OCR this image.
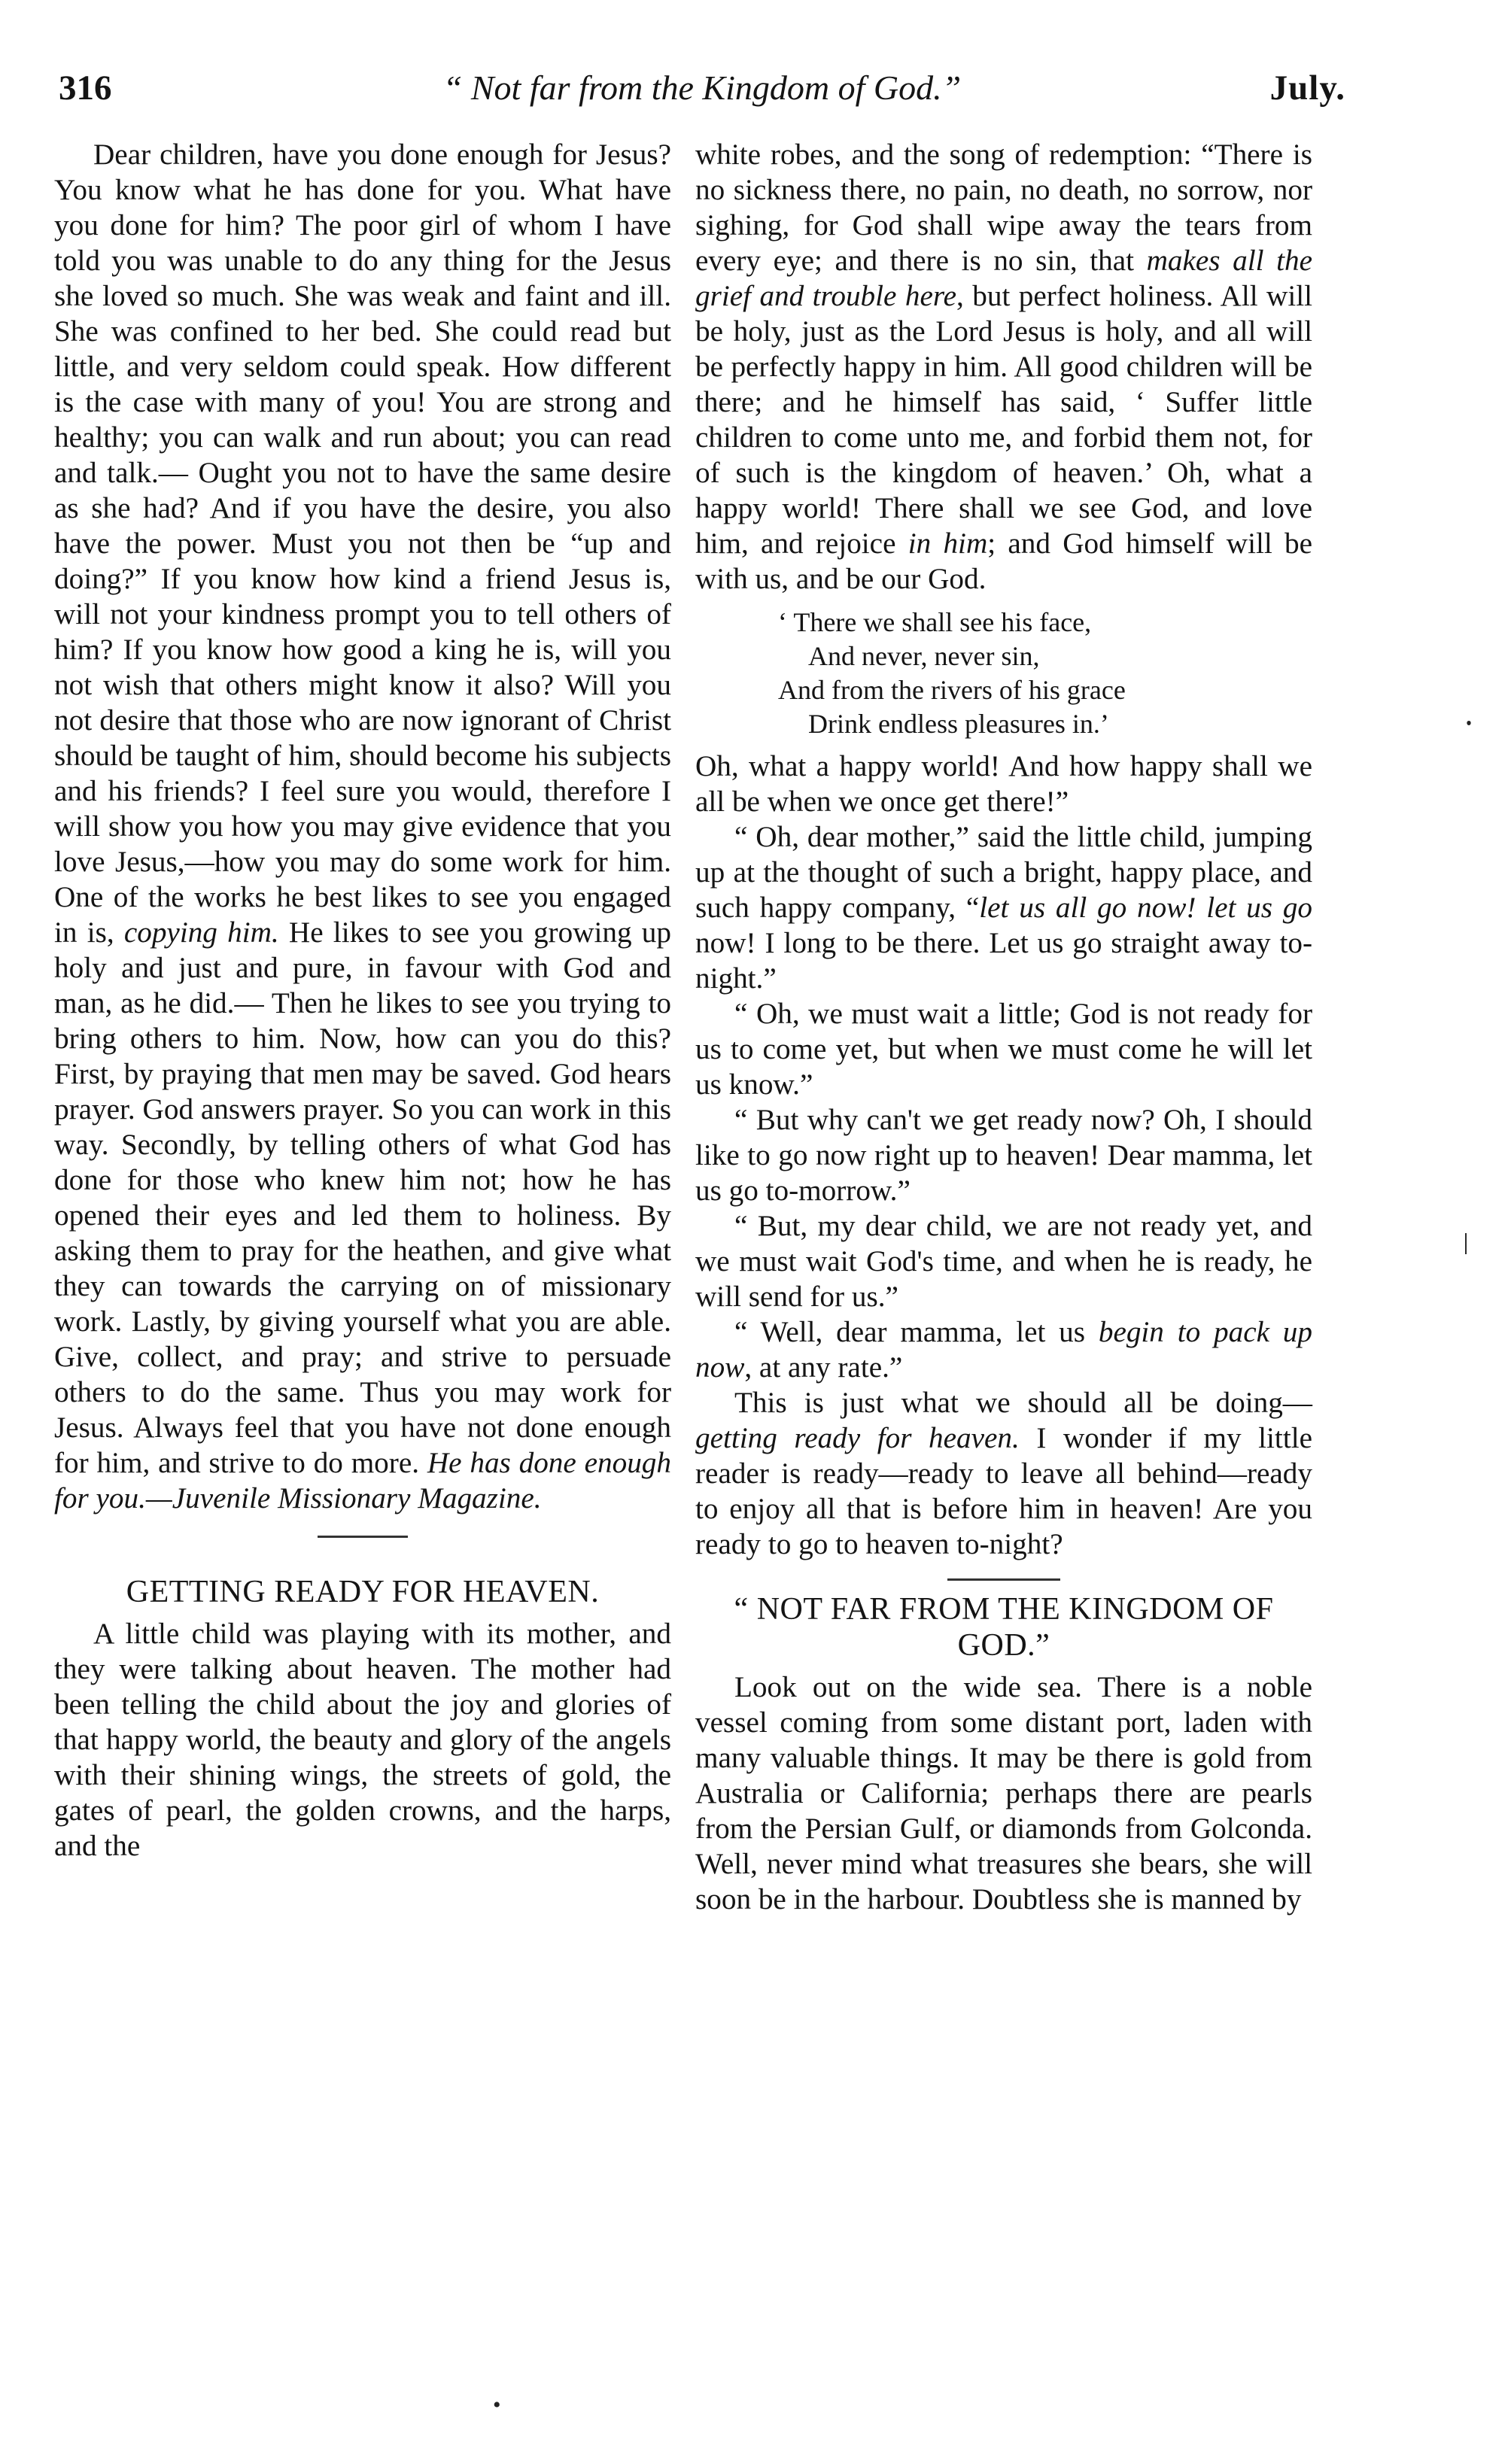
316	“ Not far from the Kingdom of God.”	July.

Dear children, have you done enough for Jesus? You know what he has done for you. What have you done for him? The poor girl of whom I have told you was unable to do any thing for the Jesus she loved so much. She was weak and faint and ill. She was confined to her bed. She could read but little, and very seldom could speak. How different is the case with many of you! You are strong and healthy; you can walk and run about; you can read and talk.— Ought you not to have the same desire as she had? And if you have the desire, you also have the power. Must you not then be “up and doing?” If you know how kind a friend Jesus is, will not your kindness prompt you to tell others of him? If you know how good a king he is, will you not wish that others might know it also? Will you not desire that those who are now ignorant of Christ should be taught of him, should become his subjects and his friends? I feel sure you would, therefore I will show you how you may give evidence that you love Jesus,—how you may do some work for him. One of the works he best likes to see you engaged in is, copying him. He likes to see you growing up holy and just and pure, in favour with God and man, as he did.— Then he likes to see you trying to bring others to him. Now, how can you do this? First, by praying that men may be saved. God hears prayer. God answers prayer. So you can work in this way. Secondly, by telling others of what God has done for those who knew him not; how he has opened their eyes and led them to holiness. By asking them to pray for the heathen, and give what they can towards the carrying on of missionary work. Lastly, by giving yourself what you are able. Give, collect, and pray; and strive to persuade others to do the same. Thus you may work for Jesus. Always feel that you have not done enough for him, and strive to do more. He has done enough for you.—Juvenile Missionary Magazine.

GETTING READY FOR HEAVEN.

A little child was playing with its mother, and they were talking about heaven. The mother had been telling the child about the joy and glories of that happy world, the beauty and glory of the angels with their shining wings, the streets of gold, the gates of pearl, the golden crowns, and the harps, and the

white robes, and the song of redemption: “There is no sickness there, no pain, no death, no sorrow, nor sighing, for God shall wipe away the tears from every eye; and there is no sin, that makes all the grief and trouble here, but perfect holiness. All will be holy, just as the Lord Jesus is holy, and all will be perfectly happy in him. All good children will be there; and he himself has said, ‘ Suffer little children to come unto me, and forbid them not, for of such is the kingdom of heaven.’ Oh, what a happy world! There shall we see God, and love him, and rejoice in him; and God himself will be with us, and be our God.

‘ There we shall see his face,
And never, never sin,
And from the rivers of his grace
Drink endless pleasures in.’

Oh, what a happy world! And how happy shall we all be when we once get there!”

“ Oh, dear mother,” said the little child, jumping up at the thought of such a bright, happy place, and such happy company, “let us all go now! let us go now! I long to be there. Let us go straight away to-night.”

“ Oh, we must wait a little; God is not ready for us to come yet, but when we must come he will let us know.”

“ But why can't we get ready now? Oh, I should like to go now right up to heaven! Dear mamma, let us go to-morrow.”

“ But, my dear child, we are not ready yet, and we must wait God's time, and when he is ready, he will send for us.”

“ Well, dear mamma, let us begin to pack up now, at any rate.”

This is just what we should all be doing—getting ready for heaven. I wonder if my little reader is ready—ready to leave all behind—ready to enjoy all that is before him in heaven! Are you ready to go to heaven to-night?

“ NOT FAR FROM THE KINGDOM OF GOD.”

Look out on the wide sea. There is a noble vessel coming from some distant port, laden with many valuable things. It may be there is gold from Australia or California; perhaps there are pearls from the Persian Gulf, or diamonds from Golconda. Well, never mind what treasures she bears, she will soon be in the harbour. Doubtless she is manned by

᛫
ǀ
•
